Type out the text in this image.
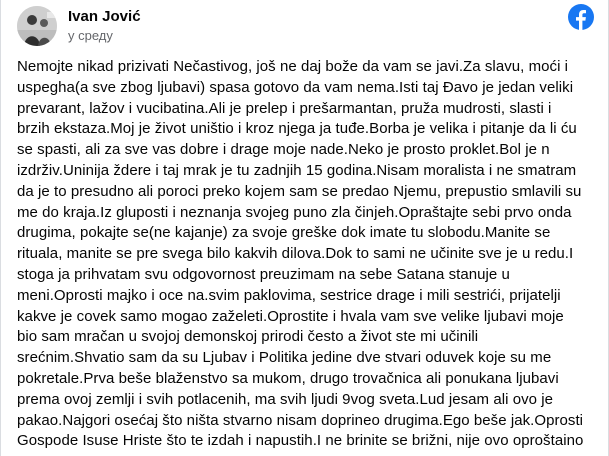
Ivan Jović
у среду
Nemojte nikad prizivati Nečastivog, još ne daj bože da vam se javi.Za slavu, moći i
uspegha(a sve zbog ljubavi) spasa gotovo da vam nema.Isti taj Đavo je jedan veliki
prevarant, lažov i vucibatina.Ali je prelep i prešarmantan, pruža mudrosti, slasti i
brzih ekstaza.Moj je život uništio i kroz njega ja tuđe.Borba je velika i pitanje da li ću
se spasti, ali za sve vas dobre i drage moje nade.Neko je prosto proklet.Bol je n
izdrživ.Uninija ždere i taj mrak je tu zadnjih 15 godina.Nisam moralista i ne smatram
da je to presudno ali poroci preko kojem sam se predao Njemu, prepustio smlavili su
me do kraja.Iz gluposti i neznanja svojeg puno zla činjeh.Opraštajte sebi prvo onda
drugima, pokajte se(ne kajanje) za svoje greške dok imate tu slobodu.Manite se
rituala, manite se pre svega bilo kakvih dilova.Dok to sami ne učinite sve je u redu.I
stoga ja prihvatam svu odgovornost preuzimam na sebe Satana stanuje u
meni.Oprosti majko i oce na.svim paklovima, sestrice drage i mili sestrići, prijatelji
kakve je covek samo mogao zaželeti.Oprostite i hvala vam sve velike ljubavi moje
bio sam mračan u svojoj demonskoj prirodi često a život ste mi učinili
srećnim.Shvatio sam da su Ljubav i Politika jedine dve stvari oduvek koje su me
pokretale.Prva beše blaženstvo sa mukom, drugo trovačnica ali ponukana ljubavi
prema ovoj zemlji i svih potlacenih, ma svih ljudi 9vog sveta.Lud jesam ali ovo je
pakao.Najgori osećaj što ništa stvarno nisam doprineo drugima.Ego beše jak.Oprosti
Gospode Isuse Hriste što te izdah i napustih.I ne brinite se brižni, nije ovo oproštaino
